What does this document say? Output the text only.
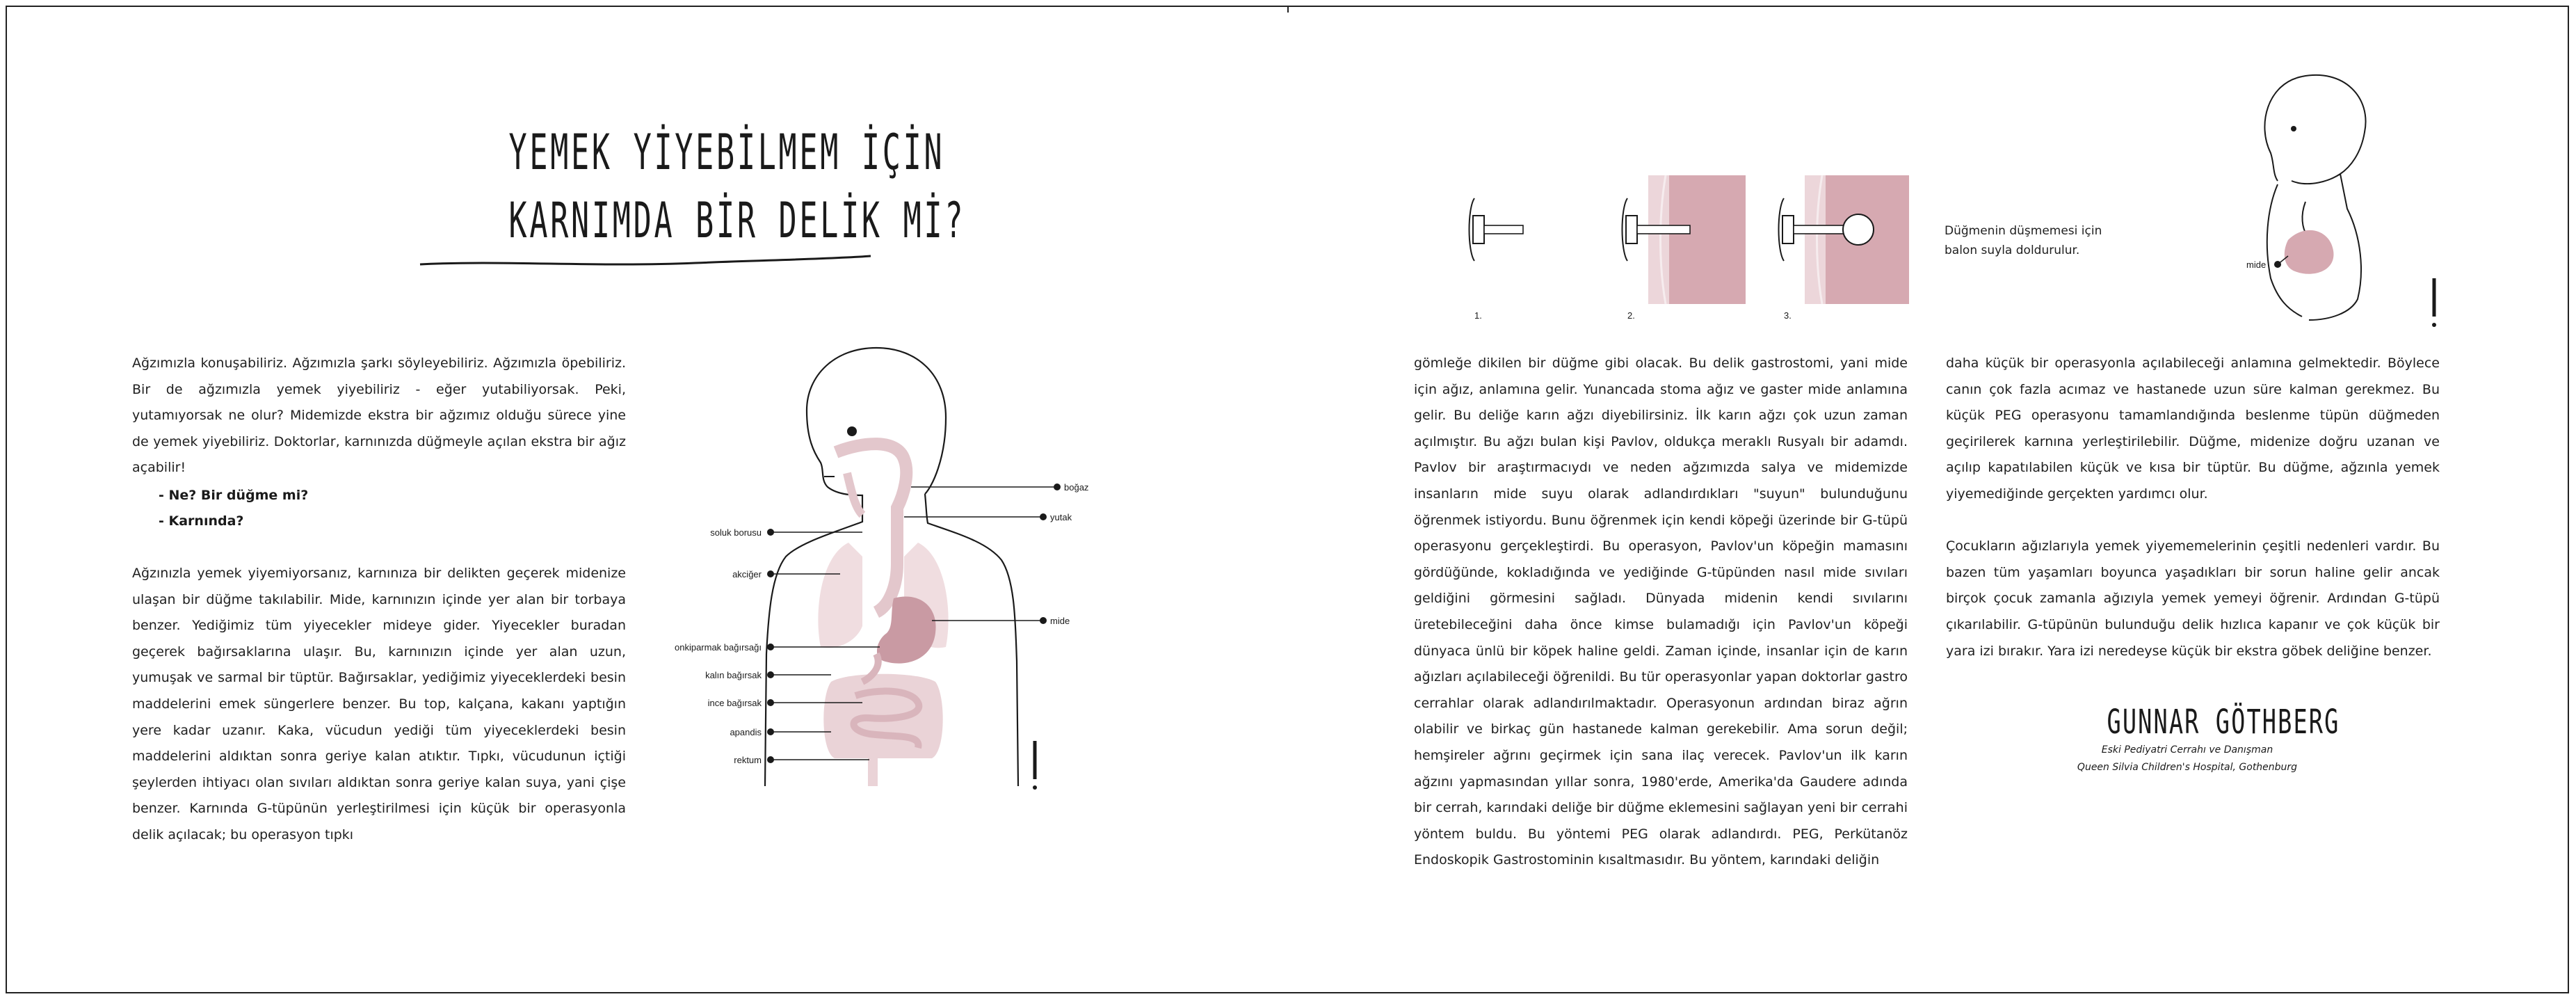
YEMEK YİYEBİLMEM İÇİN
KARNIMDA BİR DELİK Mİ?

Ağzımızla konuşabiliriz. Ağzımızla şarkı söyleyebiliriz. Ağzımızla öpebiliriz. Bir de ağzımızla yemek yiyebiliriz - eğer yutabiliyorsak. Peki, yutamıyorsak ne olur? Midemizde ekstra bir ağzımız olduğu sürece yine de yemek yiyebiliriz. Doktorlar, karnınızda düğmeyle açılan ekstra bir ağız açabilir!

- Ne? Bir düğme mi?
- Karnında?

Ağzınızla yemek yiyemiyorsanız, karnınıza bir delikten geçerek midenize ulaşan bir düğme takılabilir. Mide, karnınızın içinde yer alan bir torbaya benzer. Yediğimiz tüm yiyecekler mideye gider. Yiyecekler buradan geçerek bağırsaklarına ulaşır. Bu, karnınızın içinde yer alan uzun, yumuşak ve sarmal bir tüptür. Bağırsaklar, yediğimiz yiyeceklerdeki besin maddelerini emek süngerlere benzer. Bu top, kalçana, kakanı yaptığın yere kadar uzanır. Kaka, vücudun yediği tüm yiyeceklerdeki besin maddelerini aldıktan sonra geriye kalan atıktır. Tıpkı, vücudunun içtiği şeylerden ihtiyacı olan sıvıları aldıktan sonra geriye kalan suya, yani çişe benzer. Karnında G-tüpünün yerleştirilmesi için küçük bir operasyonla delik açılacak; bu operasyon tıpkı

boğaz
yutak
mide
soluk borusu
akciğer
onkiparmak bağırsağı
kalın bağırsak
ince bağırsak
apandis
rektum
1.	2.	3.
Düğmenin düşmemesi için
balon suyla doldurulur.
mide

gömleğe dikilen bir düğme gibi olacak. Bu delik gastrostomi, yani mide için ağız, anlamına gelir. Yunancada stoma ağız ve gaster mide anlamına gelir. Bu deliğe karın ağzı diyebilirsiniz. İlk karın ağzı çok uzun zaman açılmıştır. Bu ağzı bulan kişi Pavlov, oldukça meraklı Rusyalı bir adamdı. Pavlov bir araştırmacıydı ve neden ağzımızda salya ve midemizde insanların mide suyu olarak adlandırdıkları "suyun" bulunduğunu öğrenmek istiyordu. Bunu öğrenmek için kendi köpeği üzerinde bir G-tüpü operasyonu gerçekleştirdi. Bu operasyon, Pavlov'un köpeğin mamasını gördüğünde, kokladığında ve yediğinde G-tüpünden nasıl mide sıvıları geldiğini görmesini sağladı. Dünyada midenin kendi sıvılarını üretebileceğini daha önce kimse bulamadığı için Pavlov'un köpeği dünyaca ünlü bir köpek haline geldi. Zaman içinde, insanlar için de karın ağızları açılabileceği öğrenildi. Bu tür operasyonlar yapan doktorlar gastro cerrahlar olarak adlandırılmaktadır. Operasyonun ardından biraz ağrın olabilir ve birkaç gün hastanede kalman gerekebilir. Ama sorun değil; hemşireler ağrını geçirmek için sana ilaç verecek. Pavlov'un ilk karın ağzını yapmasından yıllar sonra, 1980'erde, Amerika'da Gaudere adında bir cerrah, karındaki deliğe bir düğme eklemesini sağlayan yeni bir cerrahi yöntem buldu. Bu yöntemi PEG olarak adlandırdı. PEG, Perkütanöz Endoskopik Gastrostominin kısaltmasıdır. Bu yöntem, karındaki deliğin

daha küçük bir operasyonla açılabileceği anlamına gelmektedir. Böylece canın çok fazla acımaz ve hastanede uzun süre kalman gerekmez. Bu küçük PEG operasyonu tamamlandığında beslenme tüpün düğmeden geçirilerek karnına yerleştirilebilir. Düğme, midenize doğru uzanan ve açılıp kapatılabilen küçük ve kısa bir tüptür. Bu düğme, ağzınla yemek yiyemediğinde gerçekten yardımcı olur.

Çocukların ağızlarıyla yemek yiyememelerinin çeşitli nedenleri vardır. Bu bazen tüm yaşamları boyunca yaşadıkları bir sorun haline gelir ancak birçok çocuk zamanla ağızıyla yemek yemeyi öğrenir. Ardından G-tüpü çıkarılabilir. G-tüpünün bulunduğu delik hızlıca kapanır ve çok küçük bir yara izi bırakır. Yara izi neredeyse küçük bir ekstra göbek deliğine benzer.

GUNNAR GÖTHBERG
Eski Pediyatri Cerrahı ve Danışman
Queen Silvia Children's Hospital, Gothenburg
